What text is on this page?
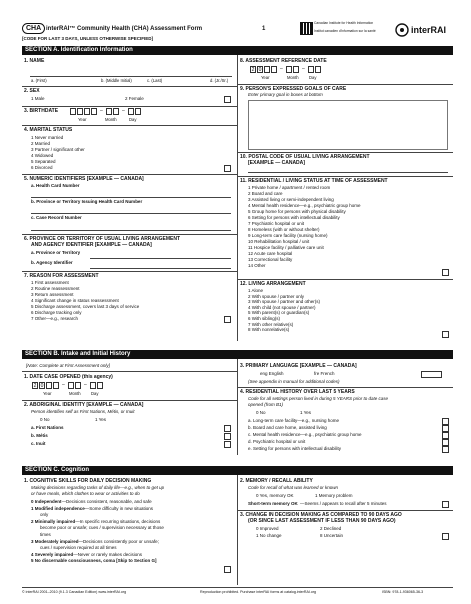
CHA interRAI™ Community Health (CHA) Assessment Form	1
[CODE FOR LAST 3 DAYS, UNLESS OTHERWISE SPECIFIED]
Canadian Institute for Health Information
Institut canadien d'information sur la santé	interRAI
SECTION A. Identification Information
1. NAME
a. (First)	b. (Middle Initial)	c. (Last)	d. (Jr./Sr.)
2. SEX
1 Male	2 Female
3. BIRTHDATE	–	–
Year	Month	Day
4. MARITAL STATUS
1 Never married
2 Married
3 Partner / significant other
4 Widowed
5 Separated
6 Divorced
5. NUMERIC IDENTIFIERS [EXAMPLE — CANADA]
a. Health Card Number
b. Province or Territory Issuing Health Card Number
c. Case Record Number
6. PROVINCE OR TERRITORY OF USUAL LIVING ARRANGEMENT
AND AGENCY IDENTIFIER [EXAMPLE — CANADA]
a. Province or Territory
b. Agency Identifier
7. REASON FOR ASSESSMENT
1 First assessment
2 Routine reassessment
3 Return assessment
4 Significant change in status reassessment
5 Discharge assessment, covers last 3 days of service
6 Discharge tracking only
7 Other—e.g., research
8. ASSESSMENT REFERENCE DATE
2 0	–	–
Year	Month Day
9. PERSON'S EXPRESSED GOALS OF CARE
Enter primary goal in boxes at bottom
10. POSTAL CODE OF USUAL LIVING ARRANGEMENT
[EXAMPLE — CANADA]
11. RESIDENTIAL / LIVING STATUS AT TIME OF ASSESSMENT
1 Private home / apartment / rented room
2 Board and care
3 Assisted living or semi-independent living
4 Mental health residence—e.g., psychiatric group home
5 Group home for persons with physical disability
6 Setting for persons with intellectual disability
7 Psychiatric hospital or unit
8 Homeless (with or without shelter)
9 Long-term care facility (nursing home)
10 Rehabilitation hospital / unit
11 Hospice facility / palliative care unit
12 Acute care hospital
13 Correctional facility
14 Other
12. LIVING ARRANGEMENT
1 Alone
2 With spouse / partner only
3 With spouse / partner and other(s)
4 With child (not spouse / partner)
5 With parent(s) or guardian(s)
6 With sibling(s)
7 With other relative(s)
8 With nonrelative(s)
SECTION B. Intake and Initial History
[Note: Complete at First Assessment only]
1. DATE CASE OPENED (this agency)
2 0	–	–
Year	Month Day
2. ABORIGINAL IDENTITY [EXAMPLE — CANADA]
Person identifies self as First Nations, Métis, or Inuit
0 No	1 Yes
a. First Nations
b. Métis
c. Inuit
3. PRIMARY LANGUAGE [EXAMPLE — CANADA]
eng English	fre French
(See appendix in manual for additional codes)
4. RESIDENTIAL HISTORY OVER LAST 5 YEARS
Code for all settings person lived in during 5 YEARS prior to date case
opened (from B1)
0 No	1 Yes
a. Long-term care facility—e.g., nursing home
b. Board and care home, assisted living
c. Mental health residence—e.g., psychiatric group home
d. Psychiatric hospital or unit
e. Setting for persons with intellectual disability
SECTION C. Cognition
1. COGNITIVE SKILLS FOR DAILY DECISION MAKING
Making decisions regarding tasks of daily life—e.g., when to get up
or have meals, which clothes to wear or activities to do
0 Independent—Decisions consistent, reasonable, and safe
1 Modified independence—Some difficulty in new situations
only
2 Minimally impaired—In specific recurring situations, decisions
become poor or unsafe; cues / supervision necessary at those
times
3 Moderately impaired—Decisions consistently poor or unsafe;
cues / supervision required at all times
4 Severely impaired—Never or rarely makes decisions
5 No discernable consciousness, coma [Skip to Section G]
2. MEMORY / RECALL ABILITY
Code for recall of what was learned or known
0 Yes, memory OK	1 Memory problem
Short-term memory OK —Seems / appears to recall after 5 minutes
3. CHANGE IN DECISION MAKING AS COMPARED TO 90 DAYS AGO
(OR SINCE LAST ASSESSMENT IF LESS THAN 90 DAYS AGO)
0 Improved
1 No change
2 Declined
8 Uncertain
© interRAI 2001–2010 (9.1.3 Canadian Edition) www.interRAI.org	Reproduction prohibited. Purchase interRAI forms at catalog.interRAI.org	ISBN: 978-1-936065-36-3
